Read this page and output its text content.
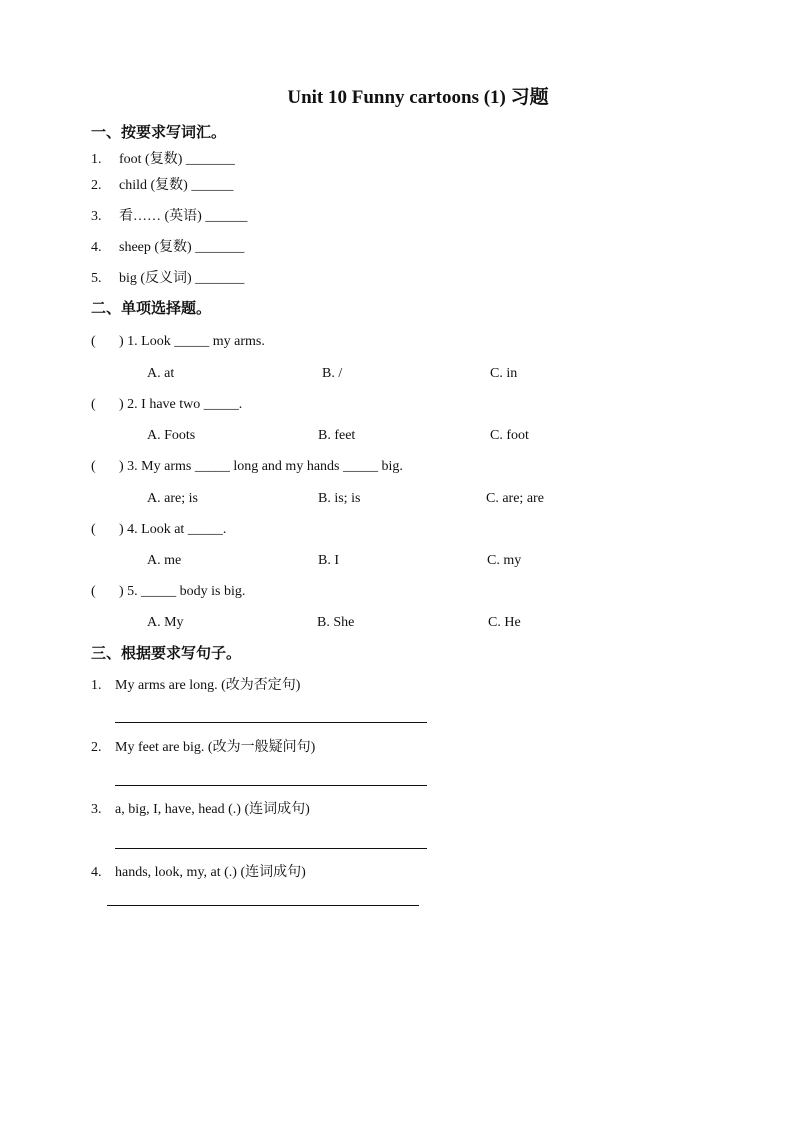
Unit 10 Funny cartoons (1) 习题
一、按要求写词汇。
1. foot (复数) _______
2. child (复数) ______
3. 看…… (英语) ______
4. sheep (复数) _______
5. big (反义词) _______
二、单项选择题。
( ) 1. Look _____ my arms.
A. at	B. /	C. in
( ) 2. I have two _____.
A. Foots	B. feet	C. foot
( ) 3. My arms _____ long and my hands _____ big.
A. are; is	B. is; is	C. are; are
( ) 4. Look at _____.
A. me	B. I	C. my
( ) 5. _____ body is big.
A. My	B. She	C. He
三、根据要求写句子。
1. My arms are long. (改为否定句)
2. My feet are big. (改为一般疑问句)
3. a, big, I, have, head (.) (连词成句)
4. hands, look, my, at (.) (连词成句)
